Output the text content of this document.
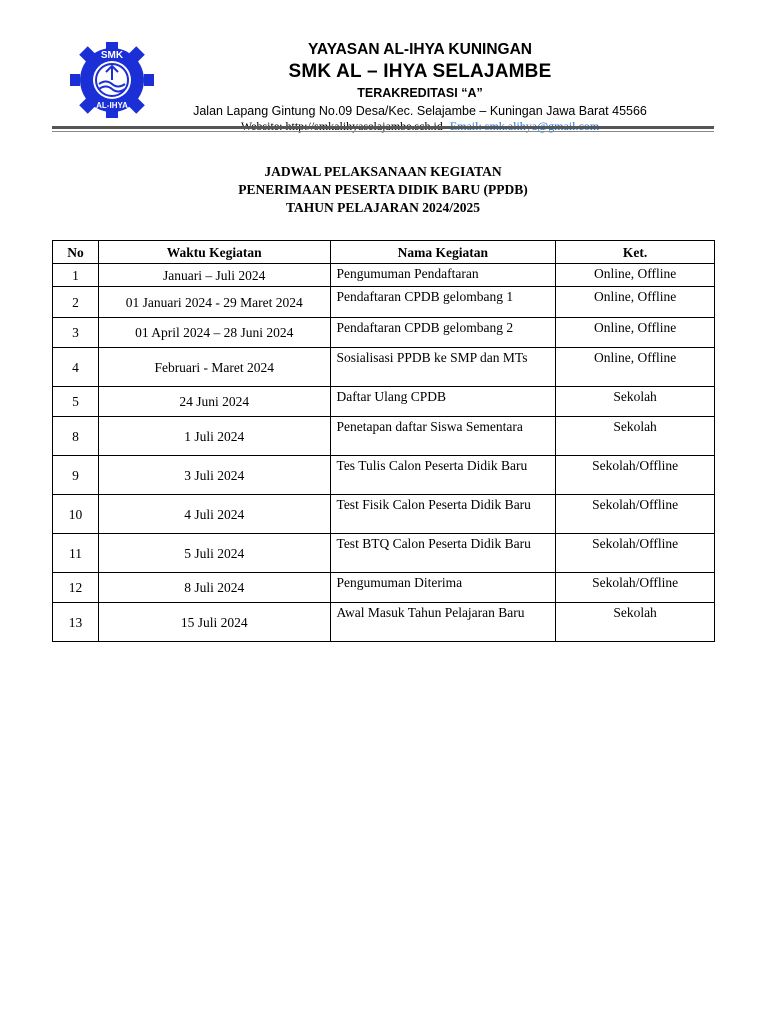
SMK
AL-IHYA
YAYASAN AL-IHYA KUNINGAN
SMK AL – IHYA SELAJAMBE
TERAKREDITASI “A”
Jalan Lapang Gintung No.09 Desa/Kec. Selajambe – Kuningan Jawa Barat 45566
JADWAL PELAKSANAAN KEGIATAN
PENERIMAAN PESERTA DIDIK BARU (PPDB)
TAHUN PELAJARAN 2024/2025
No	Waktu Kegiatan	Nama Kegiatan	Ket.
1	Januari – Juli 2024	Pengumuman Pendaftaran	Online, Offline
2	01 Januari 2024 - 29 Maret 2024	Pendaftaran CPDB gelombang 1	Online, Offline
3	01 April 2024 – 28 Juni 2024	Pendaftaran CPDB gelombang 2	Online, Offline
4	Februari - Maret 2024	Sosialisasi PPDB ke SMP dan MTs	Online, Offline
5	24 Juni 2024	Daftar Ulang CPDB	Sekolah
8	1 Juli 2024	Penetapan daftar Siswa Sementara	Sekolah
9	3 Juli 2024	Tes Tulis Calon Peserta Didik Baru	Sekolah/Offline
10	4 Juli 2024	Test Fisik Calon Peserta Didik Baru	Sekolah/Offline
11	5 Juli 2024	Test BTQ Calon Peserta Didik Baru	Sekolah/Offline
12	8 Juli 2024	Pengumuman Diterima	Sekolah/Offline
13	15 Juli 2024	Awal Masuk Tahun Pelajaran Baru	Sekolah
